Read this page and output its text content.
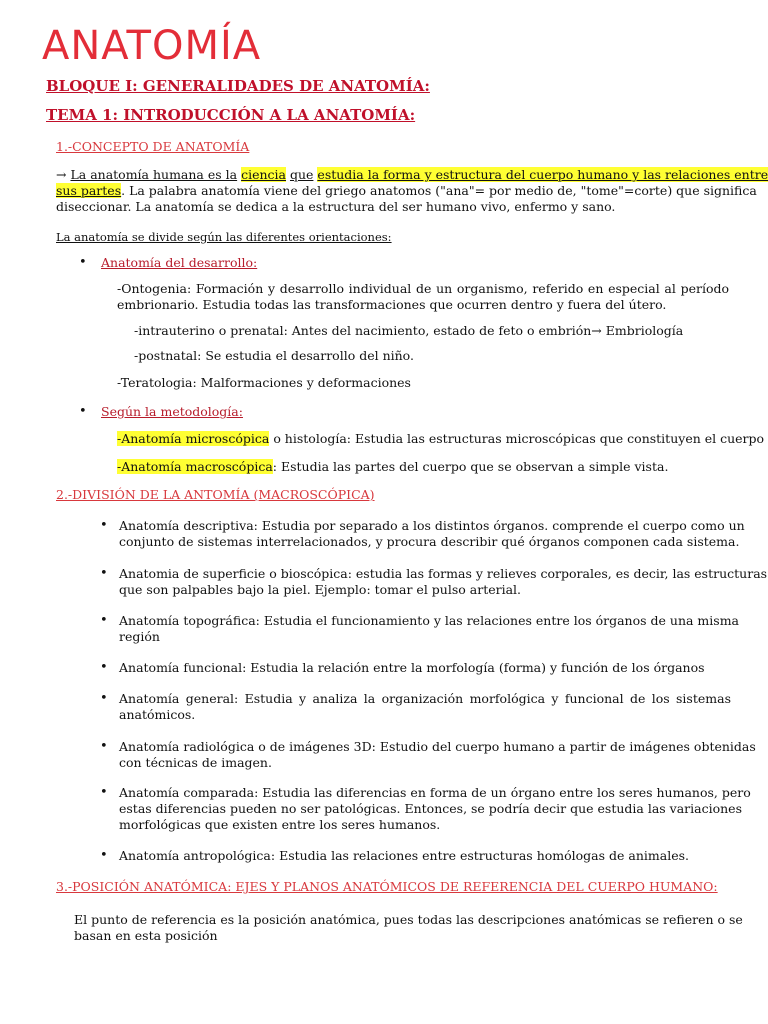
ANATOMÍA
BLOQUE I: GENERALIDADES DE ANATOMÍA:
TEMA 1: INTRODUCCIÓN A LA ANATOMÍA:
1.-CONCEPTO DE ANATOMÍA
→ La anatomía humana es la ciencia que estudia la forma y estructura del cuerpo humano y las relaciones entre
sus partes. La palabra anatomía viene del griego anatomos ("ana"= por medio de, "tome"=corte) que significa
diseccionar. La anatomía se dedica a la estructura del ser humano vivo, enfermo y sano.
La anatomía se divide según las diferentes orientaciones:
• Anatomía del desarrollo:
-Ontogenia: Formación y desarrollo individual de un organismo, referido en especial al período
embrionario. Estudia todas las transformaciones que ocurren dentro y fuera del útero.
-intrauterino o prenatal: Antes del nacimiento, estado de feto o embrión→ Embriología
-postnatal: Se estudia el desarrollo del niño.
-Teratologia: Malformaciones y deformaciones
• Según la metodología:
-Anatomía microscópica o histología: Estudia las estructuras microscópicas que constituyen el cuerpo
-Anatomía macroscópica: Estudia las partes del cuerpo que se observan a simple vista.
2.-DIVISIÓN DE LA ANTOMÍA (MACROSCÓPICA)
• Anatomía descriptiva: Estudia por separado a los distintos órganos. comprende el cuerpo como un
conjunto de sistemas interrelacionados, y procura describir qué órganos componen cada sistema.
• Anatomia de superficie o bioscópica: estudia las formas y relieves corporales, es decir, las estructuras
que son palpables bajo la piel. Ejemplo: tomar el pulso arterial.
• Anatomía topográfica: Estudia el funcionamiento y las relaciones entre los órganos de una misma
región
• Anatomía funcional: Estudia la relación entre la morfología (forma) y función de los órganos
• Anatomía general: Estudia y analiza la organización morfológica y funcional de los sistemas
anatómicos.
• Anatomía radiológica o de imágenes 3D: Estudio del cuerpo humano a partir de imágenes obtenidas
con técnicas de imagen.
• Anatomía comparada: Estudia las diferencias en forma de un órgano entre los seres humanos, pero
estas diferencias pueden no ser patológicas. Entonces, se podría decir que estudia las variaciones
morfológicas que existen entre los seres humanos.
• Anatomía antropológica: Estudia las relaciones entre estructuras homólogas de animales.
3.-POSICIÓN ANATÓMICA: EJES Y PLANOS ANATÓMICOS DE REFERENCIA DEL CUERPO HUMANO:
El punto de referencia es la posición anatómica, pues todas las descripciones anatómicas se refieren o se
basan en esta posición
